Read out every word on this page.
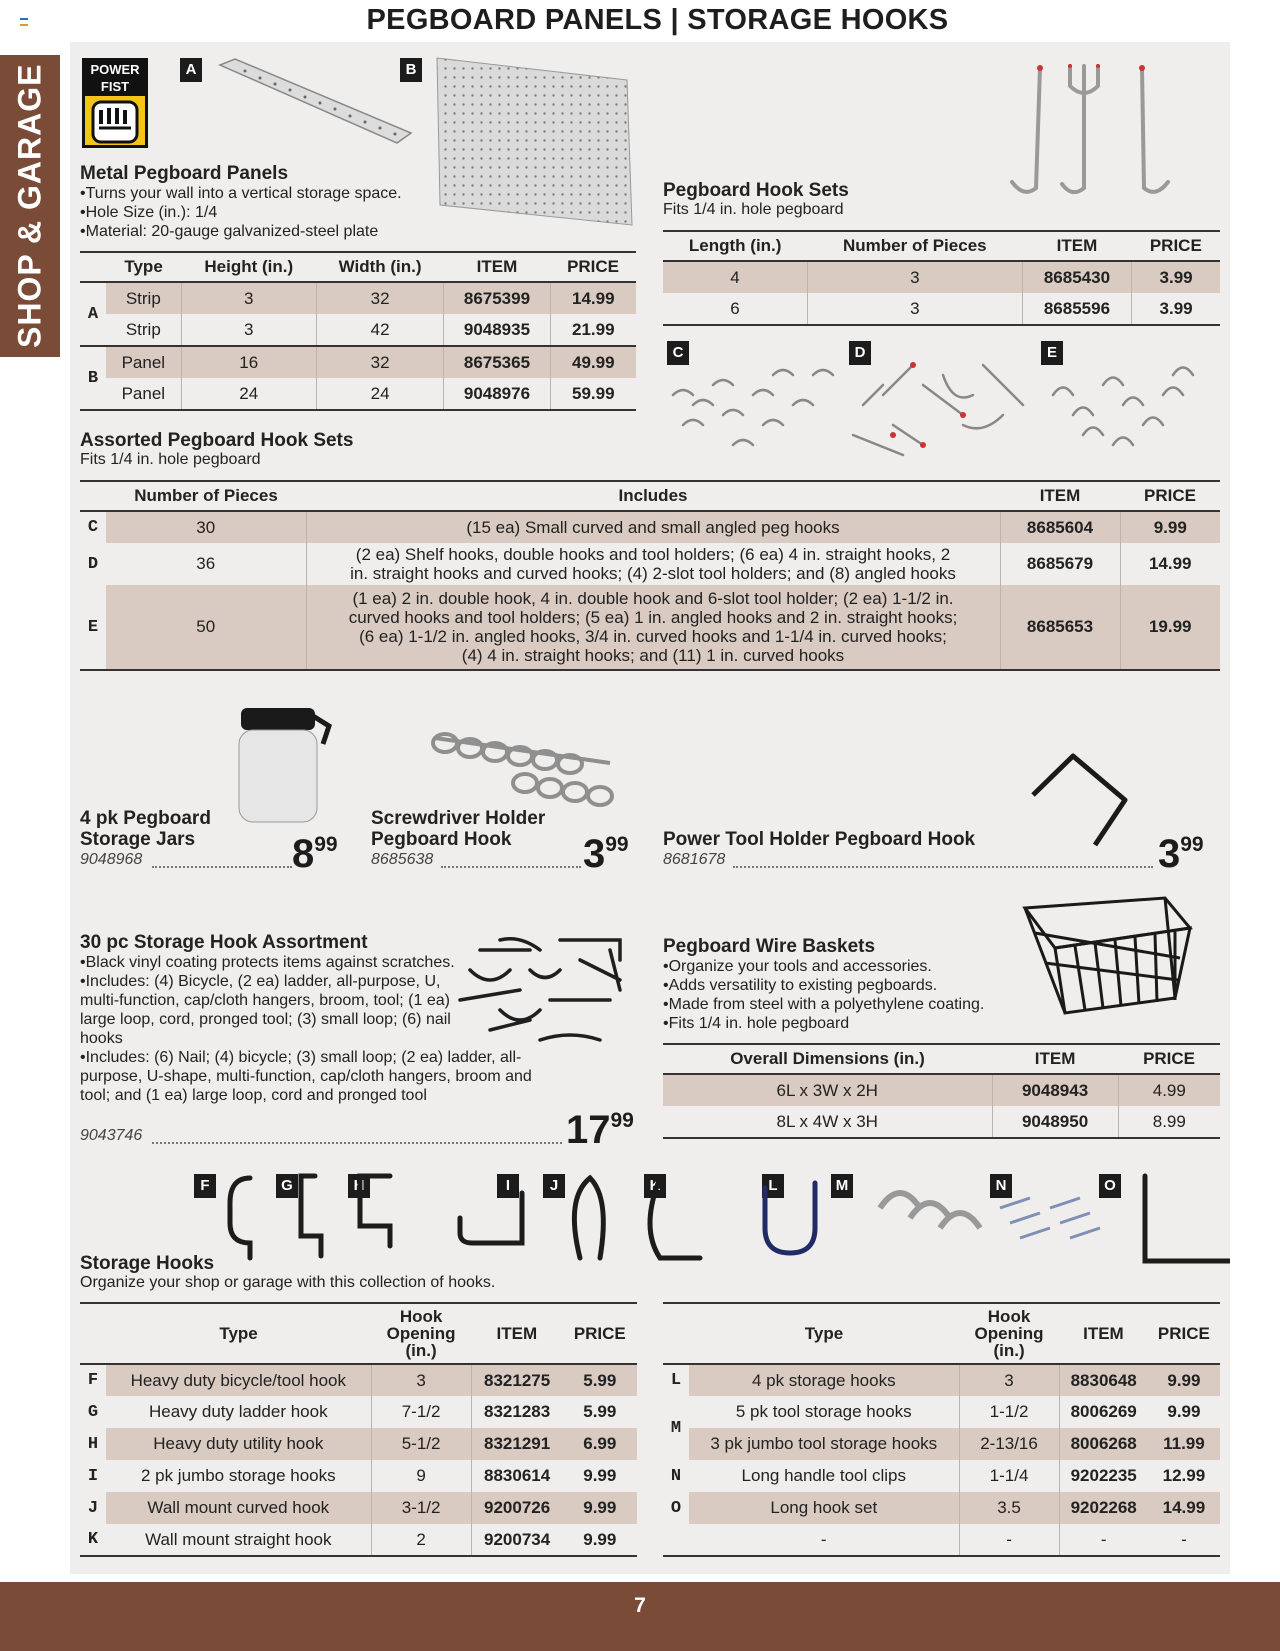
PEGBOARD PANELS | STORAGE HOOKS
SHOP & GARAGE	POWER
FIST
A	B
Metal Pegboard Panels
• Turns your wall into a vertical storage space.
• Hole Size (in.): 1/4
• Material: 20-gauge galvanized-steel plate
	Type	Height (in.)	Width (in.)	ITEM	PRICE
A	Strip	3	32	8675399	14.99
	Strip	3	42	9048935	21.99
B	Panel	16	32	8675365	49.99
	Panel	24	24	9048976	59.99
Pegboard Hook Sets
Fits 1/4 in. hole pegboard
Length (in.)	Number of Pieces	ITEM	PRICE
4	3	8685430	3.99
6	3	8685596	3.99
C	D	E
Assorted Pegboard Hook Sets
Fits 1/4 in. hole pegboard
	Number of Pieces	Includes	ITEM	PRICE
C	30	(15 ea) Small curved and small angled peg hooks	8685604	9.99
D	36	(2 ea) Shelf hooks, double hooks and tool holders; (6 ea) 4 in. straight hooks, 2 in. straight hooks and curved hooks; (4) 2-slot tool holders; and (8) angled hooks	8685679	14.99
E	50	(1 ea) 2 in. double hook, 4 in. double hook and 6-slot tool holder; (2 ea) 1-1/2 in. curved hooks and tool holders; (5 ea) 1 in. angled hooks and 2 in. straight hooks; (6 ea) 1-1/2 in. angled hooks, 3/4 in. curved hooks and 1-1/4 in. curved hooks; (4) 4 in. straight hooks; and (11) 1 in. curved hooks	8685653	19.99
4 pk Pegboard
Storage Jars
9048968	$8^{99}$
Screwdriver Holder
Pegboard Hook
8685638	$3^{99}$ Power Tool Holder Pegboard Hook
8681678	$3^{99}$
30 pc Storage Hook Assortment
• Black vinyl coating protects items against scratches.
• Includes: (4) Bicycle, (2 ea) ladder, all-purpose, U, multi-function, cap/cloth hangers, broom, tool; (1 ea) large loop, cord, pronged tool; (3) small loop; (6) nail hooks
• Includes: (6) Nail; (4) bicycle; (3) small loop; (2 ea) ladder, all-purpose, U-shape, multi-function, cap/cloth hangers, broom and tool; and (1 ea) large loop, cord and pronged tool
9043746	$17^{99}$
Pegboard Wire Baskets
• Organize your tools and accessories.
• Adds versatility to existing pegboards.
• Made from steel with a polyethylene coating.
• Fits 1/4 in. hole pegboard
Overall Dimensions (in.)	ITEM	PRICE
6L x 3W x 2H	9048943	4.99
8L x 4W x 3H	9048950	8.99
F	G	H	I	J	K	L	M	N	O
Storage Hooks
Organize your shop or garage with this collection of hooks.
	Type	Hook Opening (in.)	ITEM	PRICE
F	Heavy duty bicycle/tool hook	3	8321275	5.99
G	Heavy duty ladder hook	7-1/2	8321283	5.99
H	Heavy duty utility hook	5-1/2	8321291	6.99
I	2 pk jumbo storage hooks	9	8830614	9.99
J	Wall mount curved hook	3-1/2	9200726	9.99
K	Wall mount straight hook	2	9200734	9.99
	Type	Hook Opening (in.)	ITEM	PRICE
L	4 pk storage hooks	3	8830648	9.99
M	5 pk tool storage hooks	1-1/2	8006269	9.99
	3 pk jumbo tool storage hooks	2-13/16	8006268	11.99
N	Long handle tool clips	1-1/4	9202235	12.99
O	Long hook set	3.5	9202268	14.99
	-	-	-	-
7
